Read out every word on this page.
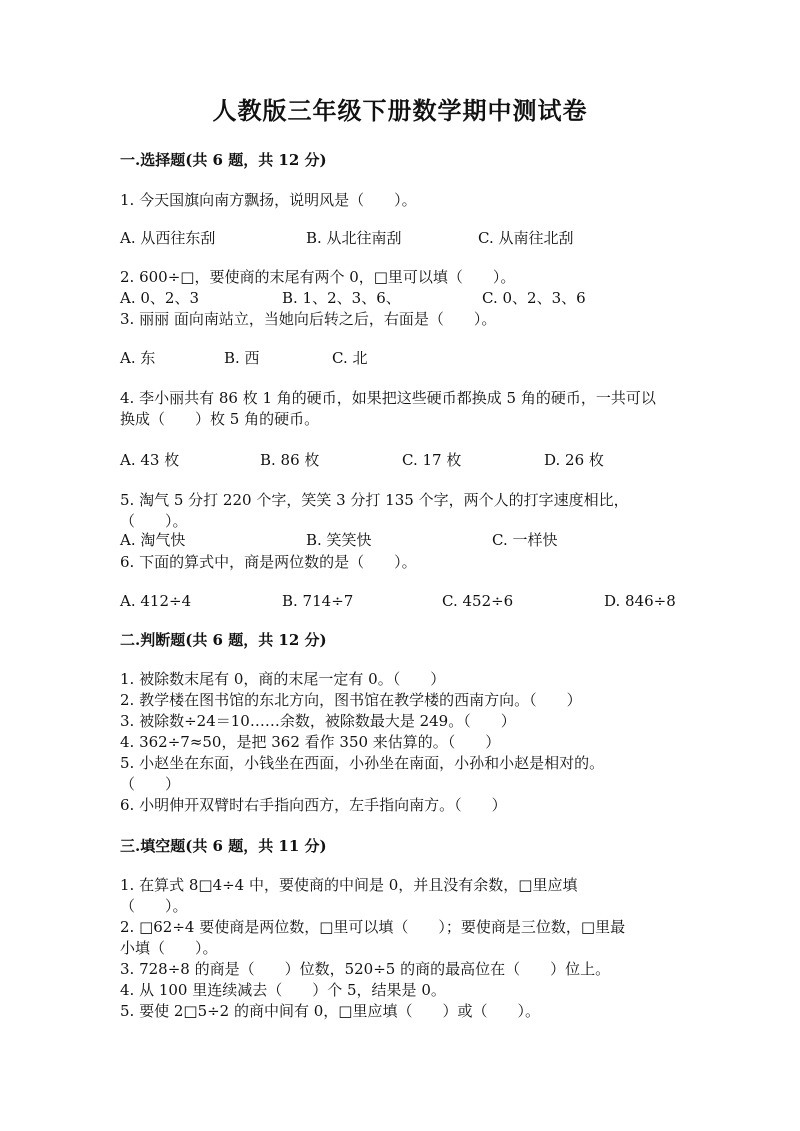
人教版三年级下册数学期中测试卷
一.选择题(共 6 题，共 12 分)
1. 今天国旗向南方飘扬，说明风是（　　）。
A. 从西往东刮	B. 从北往南刮	C. 从南往北刮
2. 600÷□，要使商的末尾有两个 0，□里可以填（　　）。
A. 0、2、3	B. 1、2、3、6、	C. 0、2、3、6
3. 丽丽 面向南站立，当她向后转之后，右面是（　　）。
A. 东	B. 西	C. 北
4. 李小丽共有 86 枚 1 角的硬币，如果把这些硬币都换成 5 角的硬币，一共可以
换成（　　）枚 5 角的硬币。
A. 43 枚	B. 86 枚	C. 17 枚	D. 26 枚
5. 淘气 5 分打 220 个字，笑笑 3 分打 135 个字，两个人的打字速度相比，
（　　）。
A. 淘气快	B. 笑笑快	C. 一样快
6. 下面的算式中，商是两位数的是（　　）。
A. 412÷4	B. 714÷7	C. 452÷6	D. 846÷8
二.判断题(共 6 题，共 12 分)
1. 被除数末尾有 0，商的末尾一定有 0。（　　）
2. 教学楼在图书馆的东北方向，图书馆在教学楼的西南方向。（　　）
3. 被除数÷24＝10……余数，被除数最大是 249。（　　）
4. 362÷7≈50，是把 362 看作 350 来估算的。（　　）
5. 小赵坐在东面，小钱坐在西面，小孙坐在南面，小孙和小赵是相对的。
（　　）
6. 小明伸开双臂时右手指向西方，左手指向南方。（　　）
三.填空题(共 6 题，共 11 分)
1. 在算式 8□4÷4 中，要使商的中间是 0，并且没有余数，□里应填
（　　）。
2. □62÷4 要使商是两位数，□里可以填（　　）；要使商是三位数，□里最
小填（　　）。
3. 728÷8 的商是（　　）位数，520÷5 的商的最高位在（　　）位上。
4. 从 100 里连续减去（　　）个 5，结果是 0。
5. 要使 2□5÷2 的商中间有 0，□里应填（　　）或（　　）。
